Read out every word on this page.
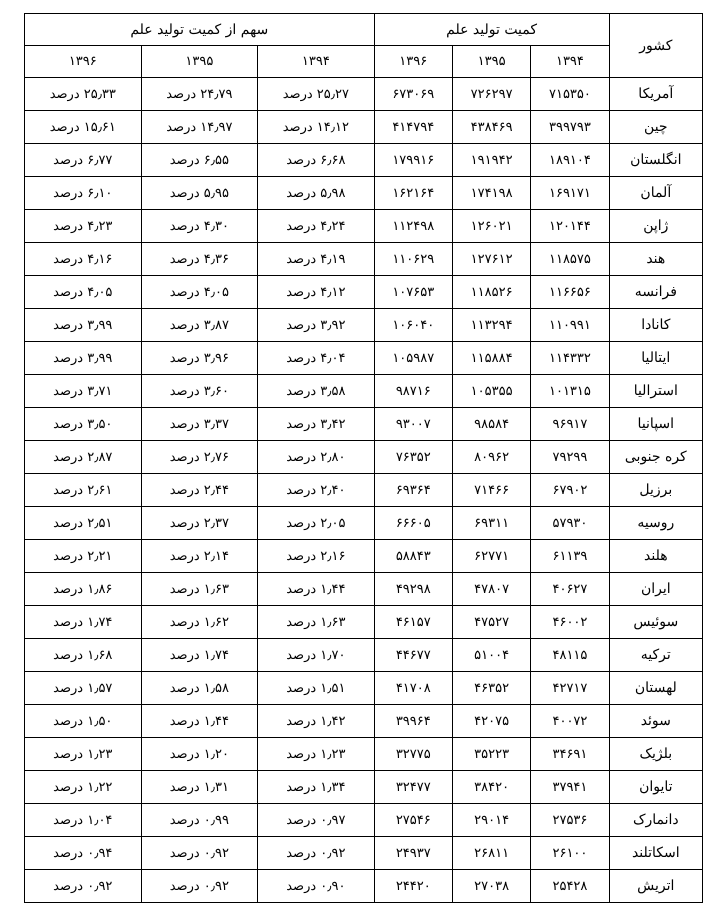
کشور	کمیت تولید علم			سهم از کمیت تولید علم		
	۱۳۹۴	۱۳۹۵	۱۳۹۶	۱۳۹۴	۱۳۹۵	۱۳۹۶
آمریکا	۷۱۵۳۵۰	۷۲۶۲۹۷	۶۷۳۰۶۹	۲۵٫۲۷ درصد	۲۴٫۷۹ درصد	۲۵٫۳۳ درصد
چین	۳۹۹۷۹۳	۴۳۸۴۶۹	۴۱۴۷۹۴	۱۴٫۱۲ درصد	۱۴٫۹۷ درصد	۱۵٫۶۱ درصد
انگلستان	۱۸۹۱۰۴	۱۹۱۹۴۲	۱۷۹۹۱۶	۶٫۶۸ درصد	۶٫۵۵ درصد	۶٫۷۷ درصد
آلمان	۱۶۹۱۷۱	۱۷۴۱۹۸	۱۶۲۱۶۴	۵٫۹۸ درصد	۵٫۹۵ درصد	۶٫۱۰ درصد
ژاپن	۱۲۰۱۴۴	۱۲۶۰۲۱	۱۱۲۴۹۸	۴٫۲۴ درصد	۴٫۳۰ درصد	۴٫۲۳ درصد
هند	۱۱۸۵۷۵	۱۲۷۶۱۲	۱۱۰۶۲۹	۴٫۱۹ درصد	۴٫۳۶ درصد	۴٫۱۶ درصد
فرانسه	۱۱۶۶۵۶	۱۱۸۵۲۶	۱۰۷۶۵۳	۴٫۱۲ درصد	۴٫۰۵ درصد	۴٫۰۵ درصد
کانادا	۱۱۰۹۹۱	۱۱۳۲۹۴	۱۰۶۰۴۰	۳٫۹۲ درصد	۳٫۸۷ درصد	۳٫۹۹ درصد
ایتالیا	۱۱۴۳۳۲	۱۱۵۸۸۴	۱۰۵۹۸۷	۴٫۰۴ درصد	۳٫۹۶ درصد	۳٫۹۹ درصد
استرالیا	۱۰۱۳۱۵	۱۰۵۳۵۵	۹۸۷۱۶	۳٫۵۸ درصد	۳٫۶۰ درصد	۳٫۷۱ درصد
اسپانیا	۹۶۹۱۷	۹۸۵۸۴	۹۳۰۰۷	۳٫۴۲ درصد	۳٫۳۷ درصد	۳٫۵۰ درصد
کره جنوبی	۷۹۲۹۹	۸۰۹۶۲	۷۶۳۵۲	۲٫۸۰ درصد	۲٫۷۶ درصد	۲٫۸۷ درصد
برزیل	۶۷۹۰۲	۷۱۴۶۶	۶۹۳۶۴	۲٫۴۰ درصد	۲٫۴۴ درصد	۲٫۶۱ درصد
روسیه	۵۷۹۳۰	۶۹۳۱۱	۶۶۶۰۵	۲٫۰۵ درصد	۲٫۳۷ درصد	۲٫۵۱ درصد
هلند	۶۱۱۳۹	۶۲۷۷۱	۵۸۸۴۳	۲٫۱۶ درصد	۲٫۱۴ درصد	۲٫۲۱ درصد
ایران	۴۰۶۲۷	۴۷۸۰۷	۴۹۲۹۸	۱٫۴۴ درصد	۱٫۶۳ درصد	۱٫۸۶ درصد
سوئیس	۴۶۰۰۲	۴۷۵۲۷	۴۶۱۵۷	۱٫۶۳ درصد	۱٫۶۲ درصد	۱٫۷۴ درصد
ترکیه	۴۸۱۱۵	۵۱۰۰۴	۴۴۶۷۷	۱٫۷۰ درصد	۱٫۷۴ درصد	۱٫۶۸ درصد
لهستان	۴۲۷۱۷	۴۶۳۵۲	۴۱۷۰۸	۱٫۵۱ درصد	۱٫۵۸ درصد	۱٫۵۷ درصد
سوئد	۴۰۰۷۲	۴۲۰۷۵	۳۹۹۶۴	۱٫۴۲ درصد	۱٫۴۴ درصد	۱٫۵۰ درصد
بلژیک	۳۴۶۹۱	۳۵۲۲۳	۳۲۷۷۵	۱٫۲۳ درصد	۱٫۲۰ درصد	۱٫۲۳ درصد
تایوان	۳۷۹۴۱	۳۸۴۲۰	۳۲۴۷۷	۱٫۳۴ درصد	۱٫۳۱ درصد	۱٫۲۲ درصد
دانمارک	۲۷۵۳۶	۲۹۰۱۴	۲۷۵۴۶	۰٫۹۷ درصد	۰٫۹۹ درصد	۱٫۰۴ درصد
اسکاتلند	۲۶۱۰۰	۲۶۸۱۱	۲۴۹۳۷	۰٫۹۲ درصد	۰٫۹۲ درصد	۰٫۹۴ درصد
اتریش	۲۵۴۲۸	۲۷۰۳۸	۲۴۴۲۰	۰٫۹۰ درصد	۰٫۹۲ درصد	۰٫۹۲ درصد
